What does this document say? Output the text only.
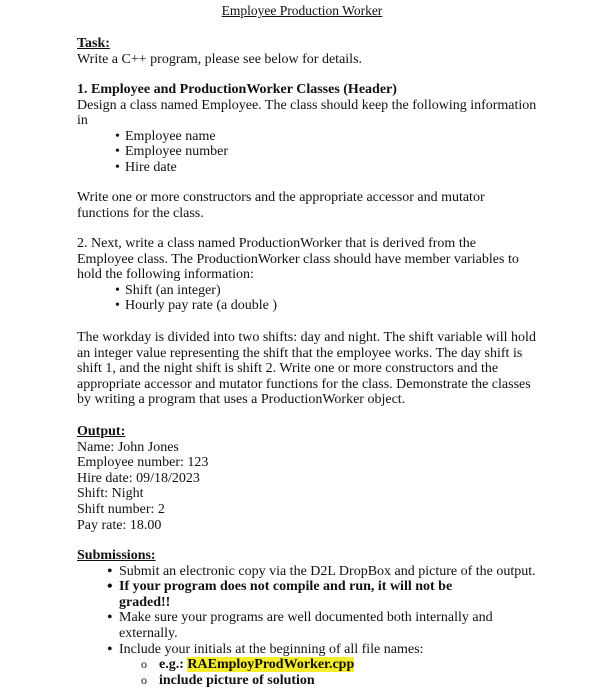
Employee Production Worker
Task:

Write a C++ program, please see below for details.

1. Employee and ProductionWorker Classes (Header)

Design a class named Employee. The class should keep the following information

in

• Employee name
• Employee number
• Hire date

Write one or more constructors and the appropriate accessor and mutator

functions for the class.

2. Next, write a class named ProductionWorker that is derived from the

Employee class. The ProductionWorker class should have member variables to

hold the following information:

• Shift (an integer)
• Hourly pay rate (a double )

The workday is divided into two shifts: day and night. The shift variable will hold

an integer value representing the shift that the employee works. The day shift is

shift 1, and the night shift is shift 2. Write one or more constructors and the

appropriate accessor and mutator functions for the class. Demonstrate the classes

by writing a program that uses a ProductionWorker object.

Output:

Name: John Jones

Employee number: 123

Hire date: 09/18/2023

Shift: Night

Shift number: 2

Pay rate: 18.00

Submissions:
• Submit an electronic copy via the D2L DropBox and picture of the output.
• If your program does not compile and run, it will not be
graded!!
• Make sure your programs are well documented both internally and
externally.
• Include your initials at the beginning of all file names:
o e.g.: RAEmployProdWorker.cpp
o include picture of solution
